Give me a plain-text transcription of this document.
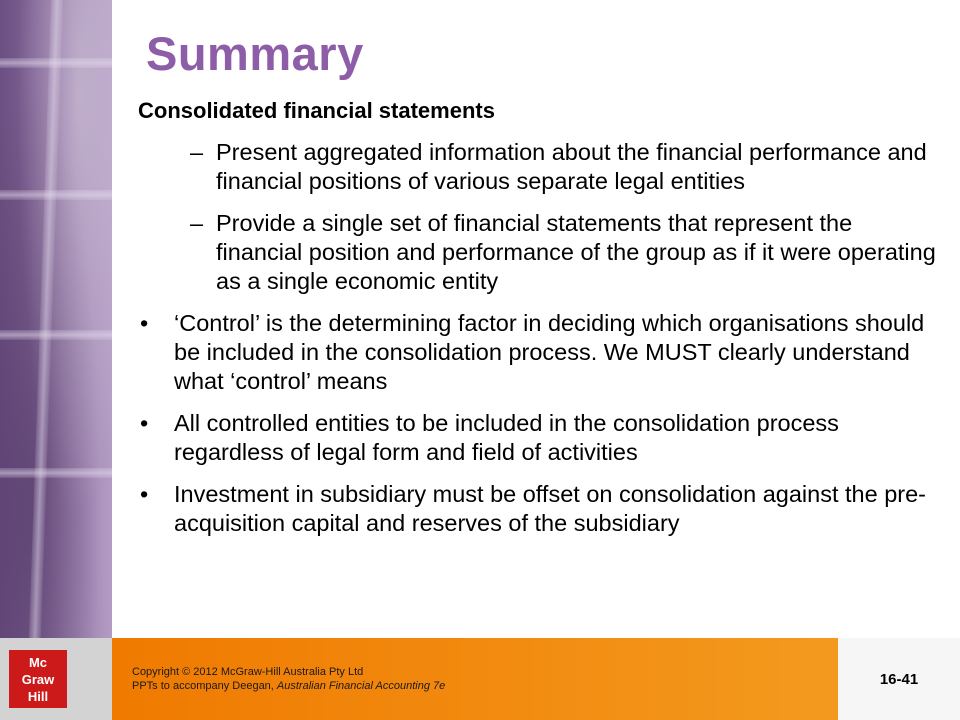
Summary
Consolidated financial statements
– Present aggregated information about the financial performance and financial positions of various separate legal entities
– Provide a single set of financial statements that represent the financial position and performance of the group as if it were operating as a single economic entity
• ‘Control’ is the determining factor in deciding which organisations should be included in the consolidation process. We MUST clearly understand what ‘control’ means
• All controlled entities to be included in the consolidation process regardless of legal form and field of activities
• Investment in subsidiary must be offset on consolidation against the pre-acquisition capital and reserves of the subsidiary
Mc
Graw
Hill
Copyright © 2012 McGraw-Hill Australia Pty Ltd
PPTs to accompany Deegan, Australian Financial Accounting 7e	16-41
